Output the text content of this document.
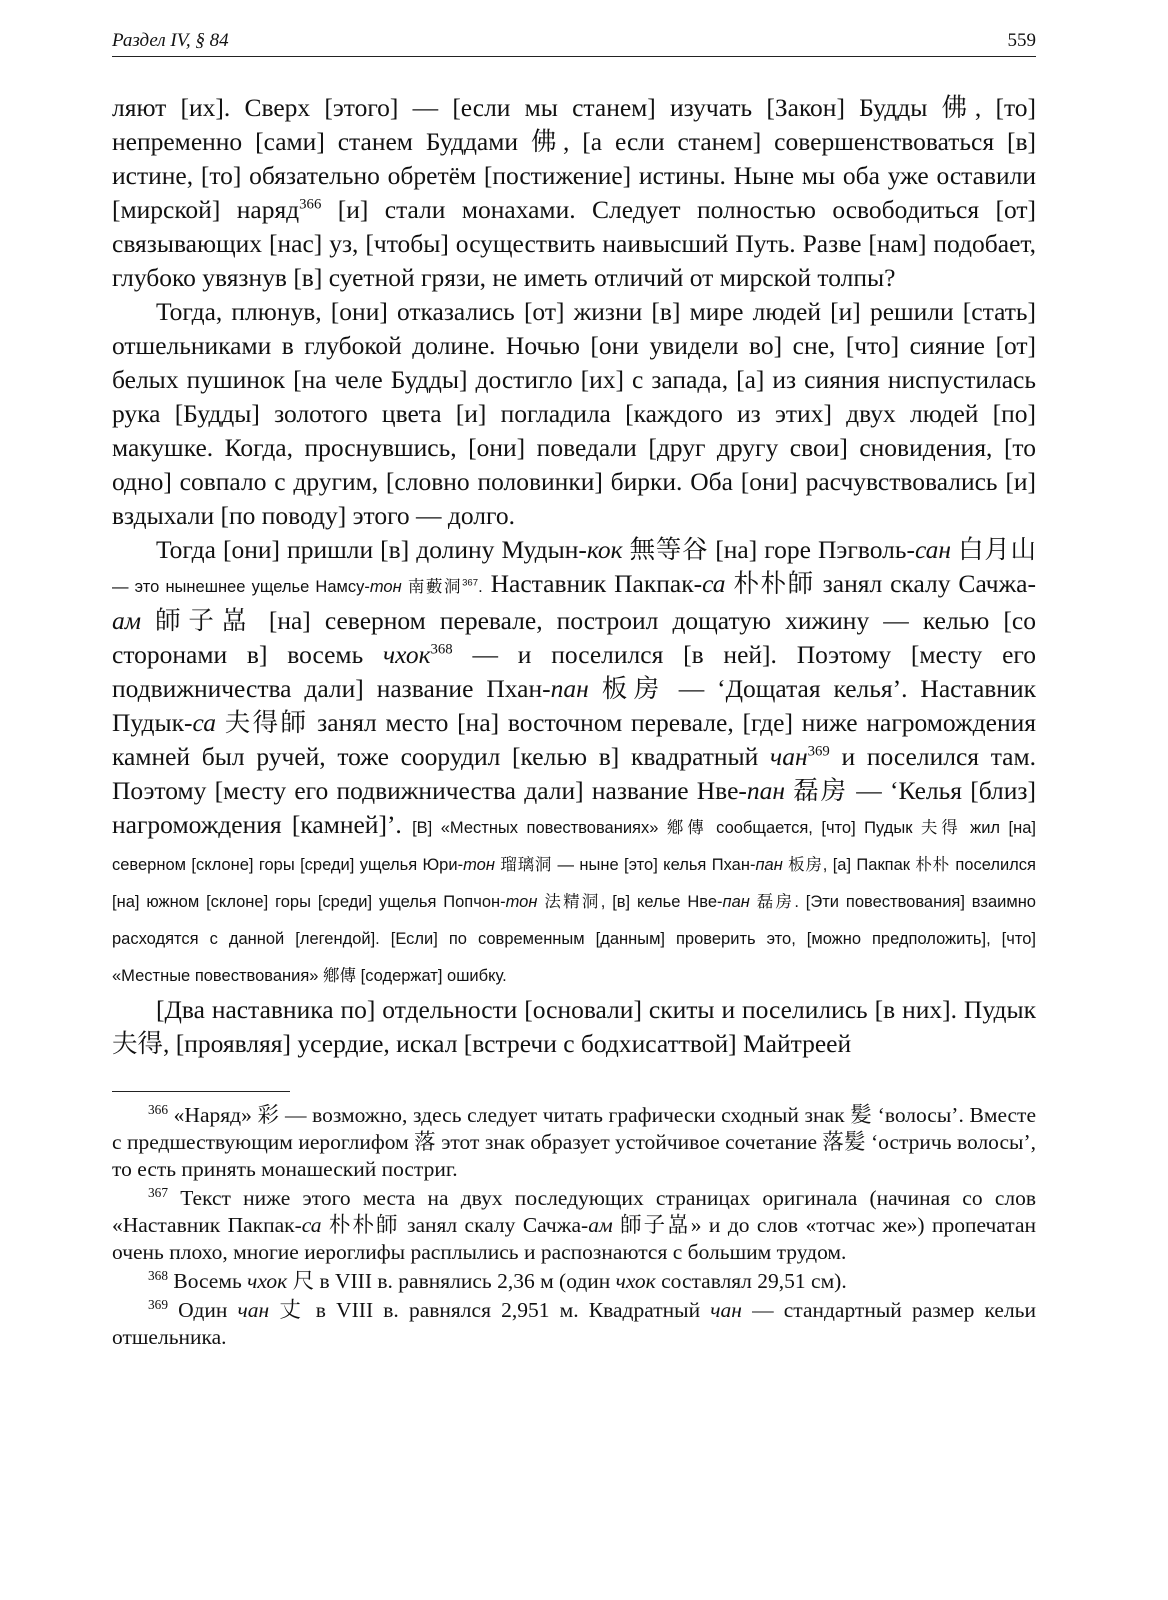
Раздел IV, § 84	559

ляют [их]. Сверх [этого] — [если мы станем] изучать [Закон] Будды 佛, [то] непременно [сами] станем Буддами 佛, [а если станем] совершенствоваться [в] истине, [то] обязательно обретём [постижение] истины. Ныне мы оба уже оставили [мирской] наряд$^{366}$ [и] стали монахами. Следует полностью освободиться [от] связывающих [нас] уз, [чтобы] осуществить наивысший Путь. Разве [нам] подобает, глубоко увязнув [в] суетной грязи, не иметь отличий от мирской толпы?

Тогда, плюнув, [они] отказались [от] жизни [в] мире людей [и] решили [стать] отшельниками в глубокой долине. Ночью [они увидели во] сне, [что] сияние [от] белых пушинок [на челе Будды] достигло [их] с запада, [а] из сияния ниспустилась рука [Будды] золотого цвета [и] погладила [каждого из этих] двух людей [по] макушке. Когда, проснувшись, [они] поведали [друг другу свои] сновидения, [то одно] совпало с другим, [словно половинки] бирки. Оба [они] расчувствовались [и] вздыхали [по поводу] этого — долго.

Тогда [они] пришли [в] долину Мудын-кок 無等谷 [на] горе Пэгволь-сан 白月山 — это нынешнее ущелье Намсу-тон 南藪洞$^{367}$. Наставник Пакпак-са 朴朴師 занял скалу Сачжа-ам 師子嵓 [на] северном перевале, построил дощатую хижину — келью [со сторонами в] восемь чхок$^{368}$ — и поселился [в ней]. Поэтому [месту его подвижничества дали] название Пхан-пан 板房 — ‘Дощатая келья’. Наставник Пудык-са 夫得師 занял место [на] восточном перевале, [где] ниже нагромождения камней был ручей, тоже соорудил [келью в] квадратный чан$^{369}$ и поселился там. Поэтому [месту его подвижничества дали] название Нве-пан 磊房 — ‘Келья [близ] нагромождения [камней]’. [В] «Местных повествованиях» 鄕傳 сообщается, [что] Пудык 夫得 жил [на] северном [склоне] горы [среди] ущелья Юри-тон 瑠璃洞 — ныне [это] келья Пхан-пан 板房, [а] Пакпак 朴朴 поселился [на] южном [склоне] горы [среди] ущелья Попчон-тон 法精洞, [в] келье Нве-пан 磊房. [Эти повествования] взаимно расходятся с данной [легендой]. [Если] по современным [данным] проверить это, [можно предположить], [что] «Местные повествования» 鄕傳 [содержат] ошибку.

[Два наставника по] отдельности [основали] скиты и поселились [в них]. Пудык 夫得, [проявляя] усердие, искал [встречи с бодхисаттвой] Майтреей

$^{366}$ «Наряд» 彩 — возможно, здесь следует читать графически сходный знак 髪 ‘волосы’. Вместе с предшествующим иероглифом 落 этот знак образует устойчивое сочетание 落髪 ‘остричь волосы’, то есть принять монашеский постриг.

$^{367}$ Текст ниже этого места на двух последующих страницах оригинала (начиная со слов «Наставник Пакпак-са 朴朴師 занял скалу Сачжа-ам 師子嵓» и до слов «тотчас же») пропечатан очень плохо, многие иероглифы расплылись и распознаются с большим трудом.

$^{368}$ Восемь чхок 尺 в VIII в. равнялись 2,36 м (один чхок составлял 29,51 см).

$^{369}$ Один чан 丈 в VIII в. равнялся 2,951 м. Квадратный чан — стандартный размер кельи отшельника.
